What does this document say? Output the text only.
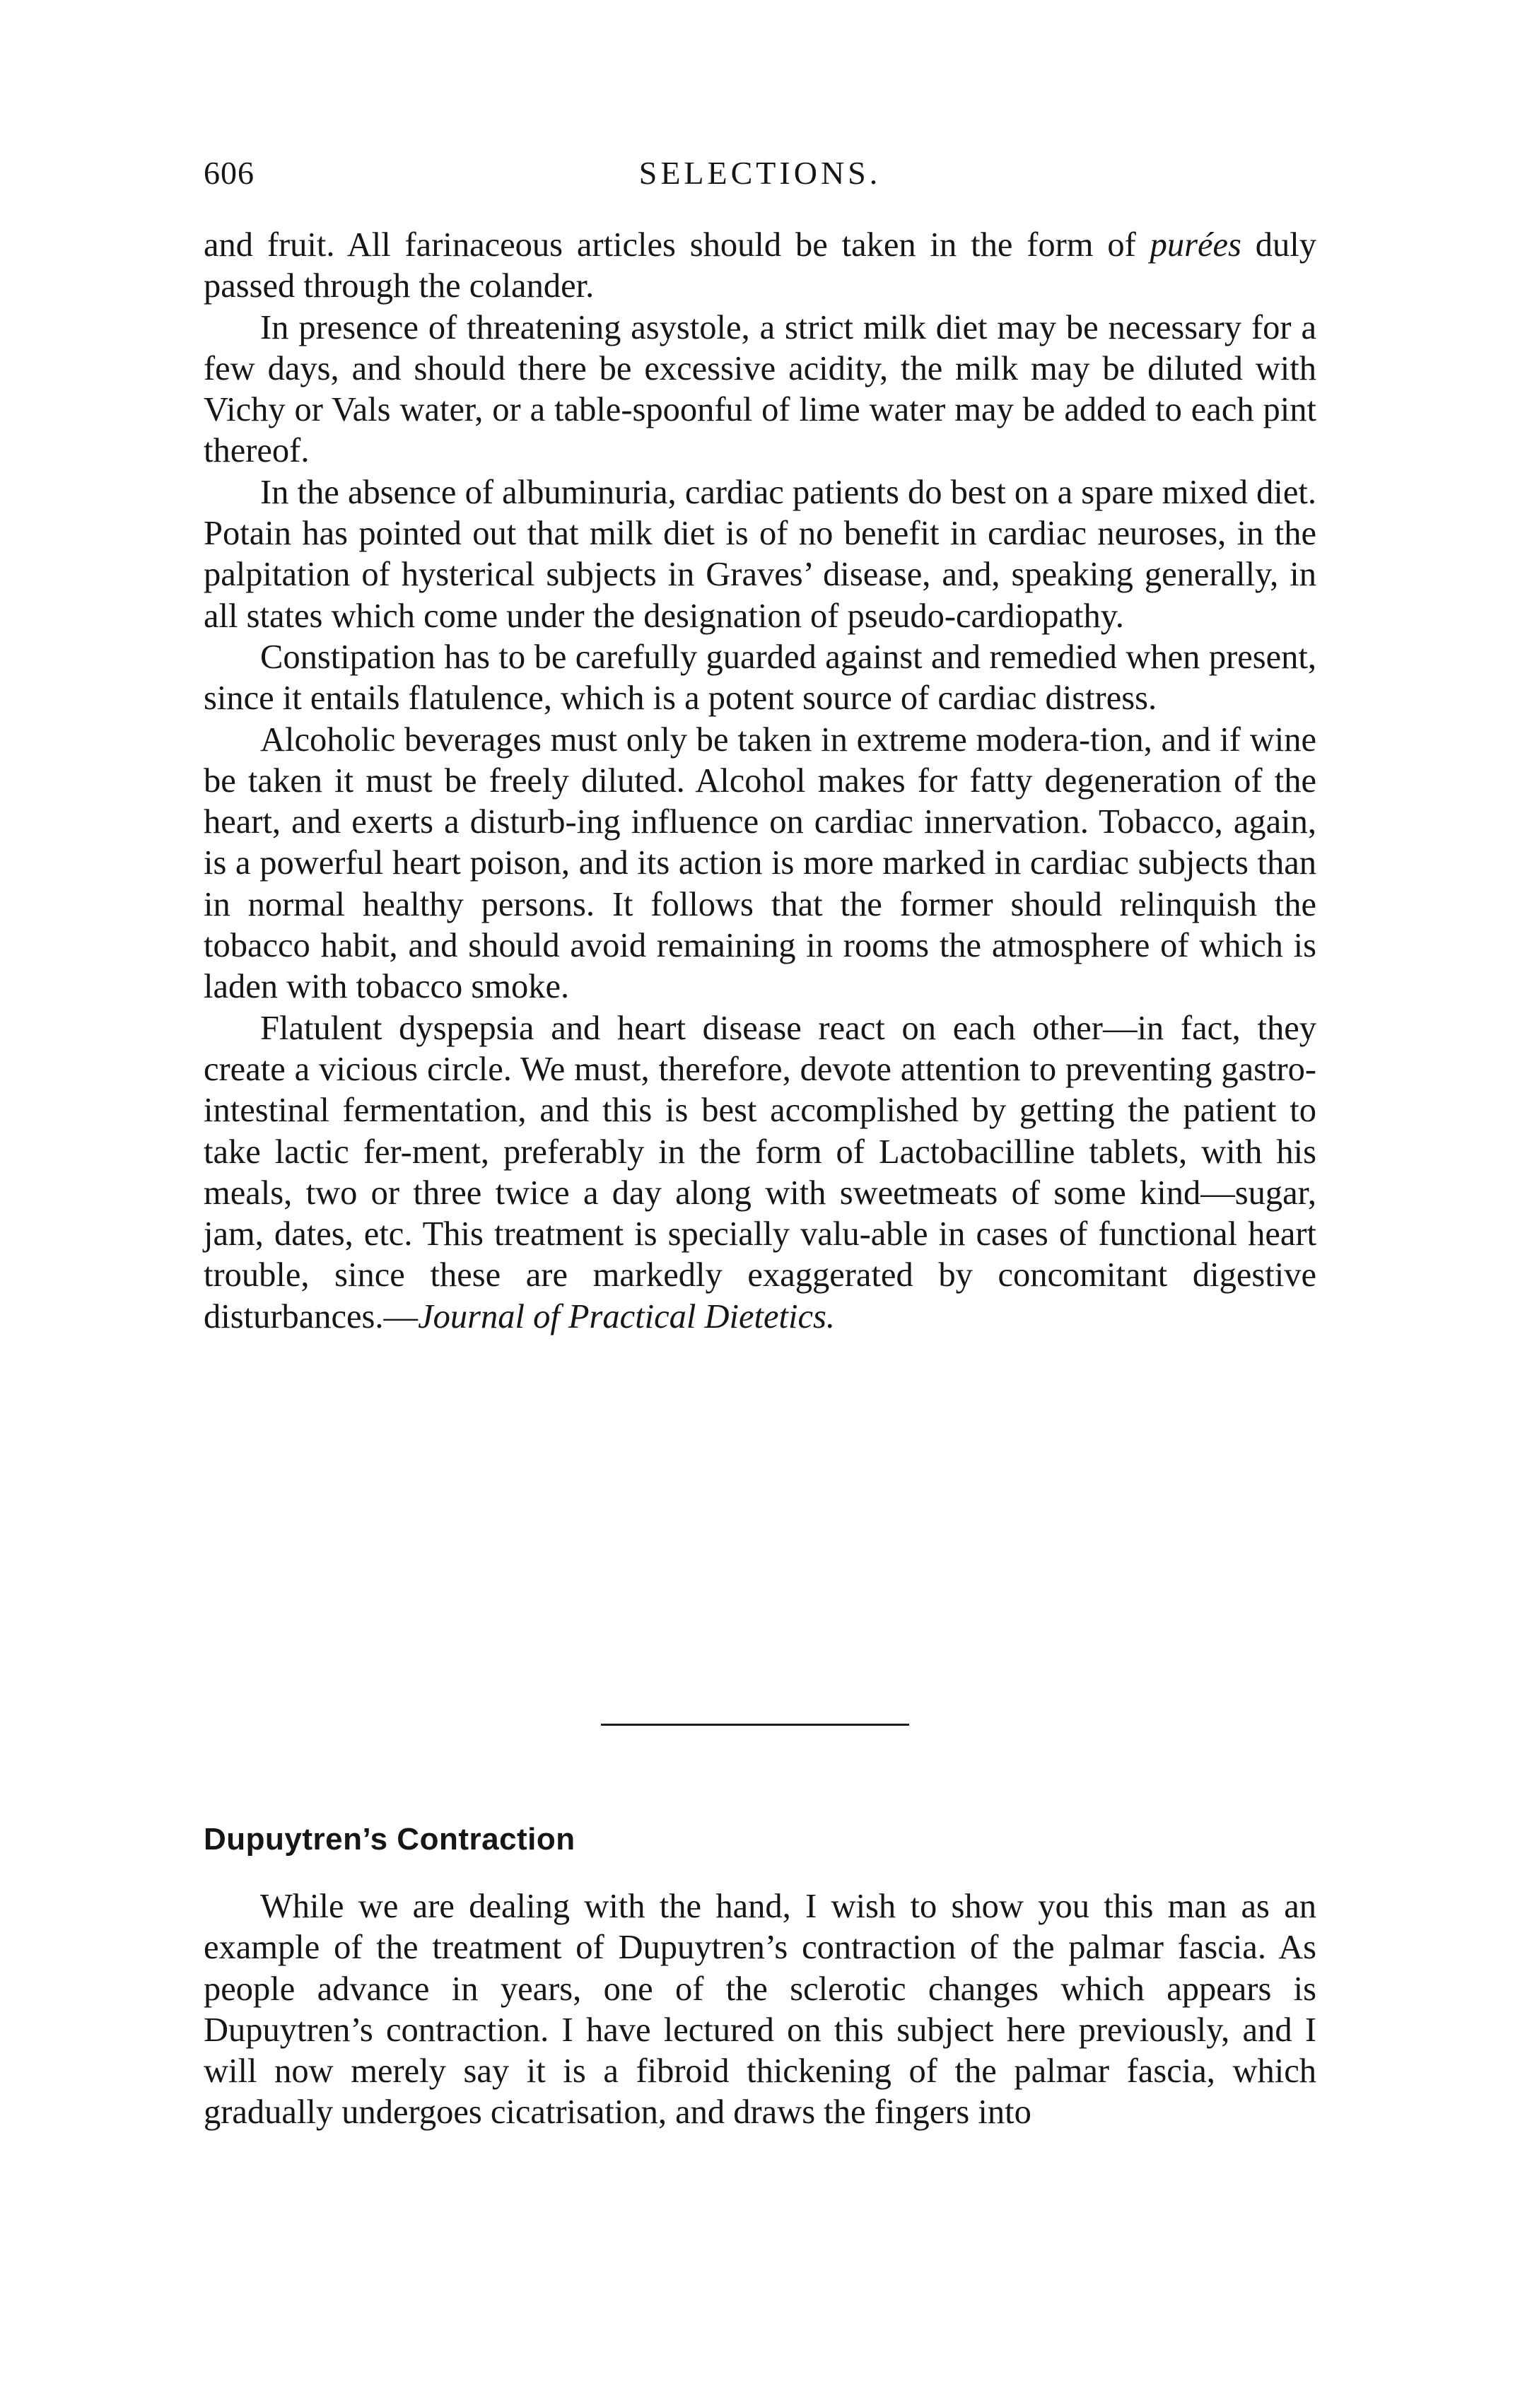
606	SELECTIONS.

and fruit. All farinaceous articles should be taken in the form of purées duly passed through the colander.

In presence of threatening asystole, a strict milk diet may be necessary for a few days, and should there be excessive acidity, the milk may be diluted with Vichy or Vals water, or a table-spoonful of lime water may be added to each pint thereof.

In the absence of albuminuria, cardiac patients do best on a spare mixed diet. Potain has pointed out that milk diet is of no benefit in cardiac neuroses, in the palpitation of hysterical subjects in Graves’ disease, and, speaking generally, in all states which come under the designation of pseudo-cardiopathy.

Constipation has to be carefully guarded against and remedied when present, since it entails flatulence, which is a potent source of cardiac distress.

Alcoholic beverages must only be taken in extreme modera-tion, and if wine be taken it must be freely diluted. Alcohol makes for fatty degeneration of the heart, and exerts a disturb-ing influence on cardiac innervation. Tobacco, again, is a powerful heart poison, and its action is more marked in cardiac subjects than in normal healthy persons. It follows that the former should relinquish the tobacco habit, and should avoid remaining in rooms the atmosphere of which is laden with tobacco smoke.

Flatulent dyspepsia and heart disease react on each other—in fact, they create a vicious circle. We must, therefore, devote attention to preventing gastro-intestinal fermentation, and this is best accomplished by getting the patient to take lactic fer-ment, preferably in the form of Lactobacilline tablets, with his meals, two or three twice a day along with sweetmeats of some kind—sugar, jam, dates, etc. This treatment is specially valu-able in cases of functional heart trouble, since these are markedly exaggerated by concomitant digestive disturbances.—Journal of Practical Dietetics.

Dupuytren’s Contraction

While we are dealing with the hand, I wish to show you this man as an example of the treatment of Dupuytren’s contraction of the palmar fascia. As people advance in years, one of the sclerotic changes which appears is Dupuytren’s contraction. I have lectured on this subject here previously, and I will now merely say it is a fibroid thickening of the palmar fascia, which gradually undergoes cicatrisation, and draws the fingers into
